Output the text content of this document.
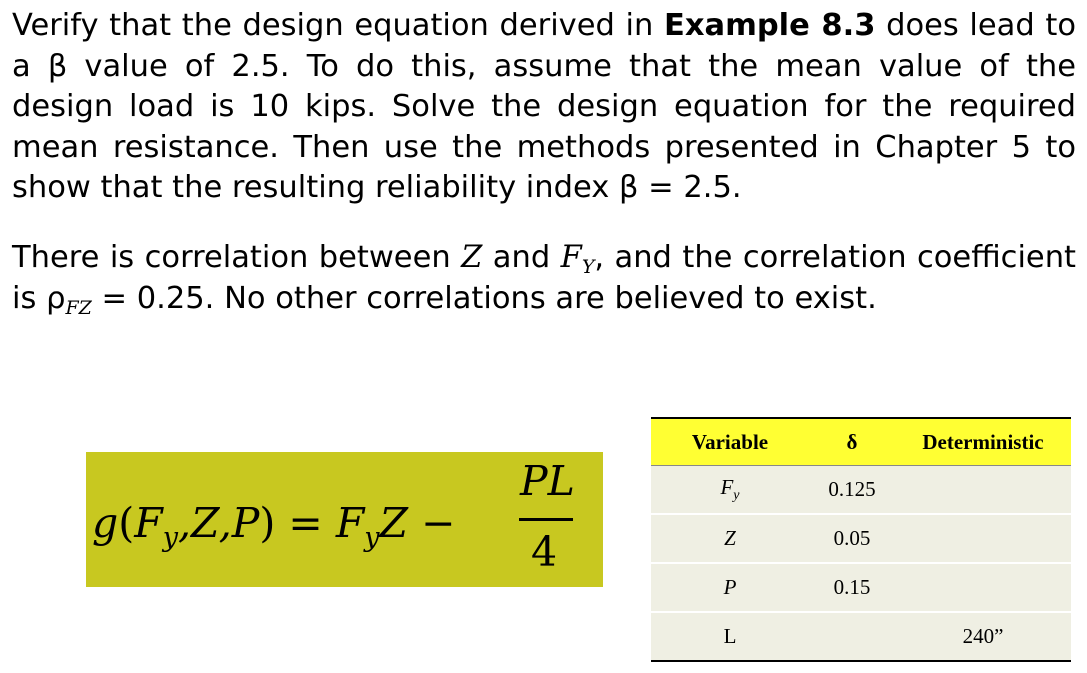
Verify that the design equation derived in Example 8.3 does lead to a β value of 2.5. To do this, assume that the mean value of the design load is 10 kips. Solve the design equation for the required mean resistance. Then use the methods presented in Chapter 5 to show that the resulting reliability index β = 2.5.

There is correlation between Z and $F_Y$, and the correlation coefficient is $\rho_{FZ} = 0.25$. No other correlations are believed to exist.

$g(F_y,Z,P) = F_yZ$ −
PL
4
Variable	δ	Deterministic
$F_y$	0.125	
Z	0.05	
P	0.15	
L		240”
